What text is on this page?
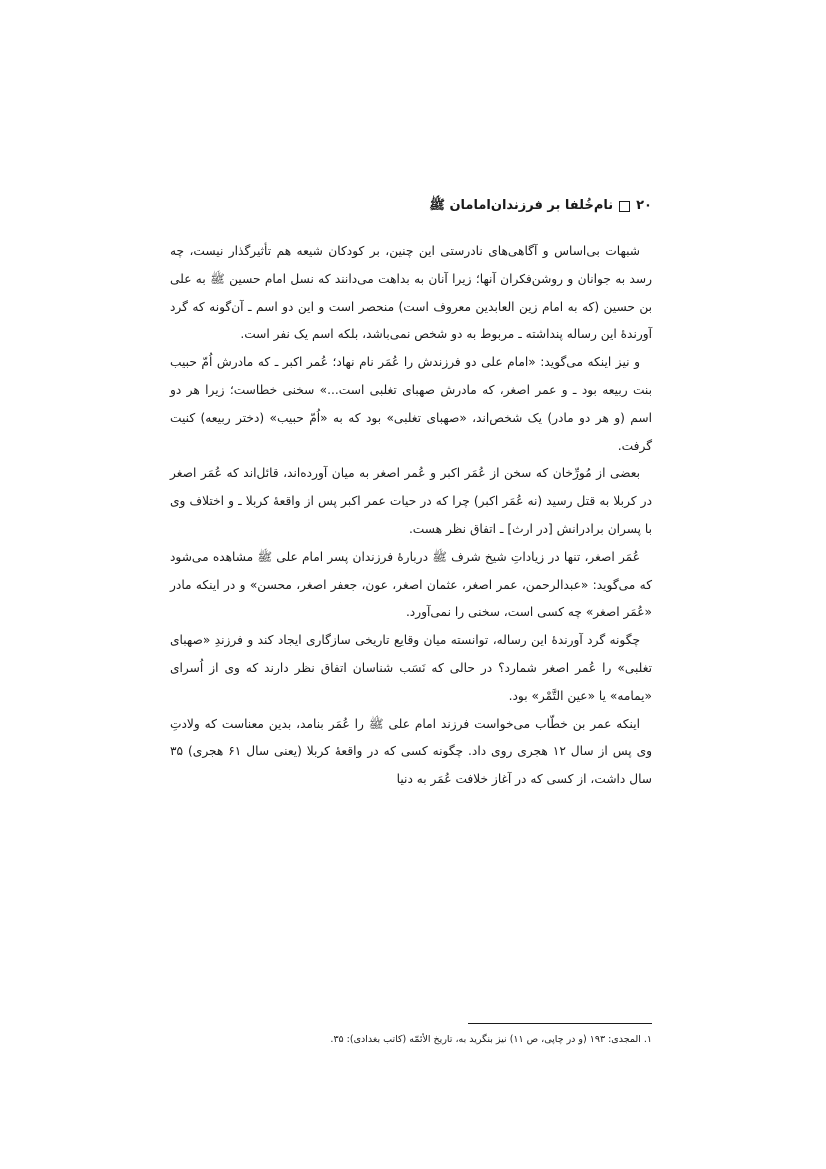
۲۰
نام‌خُلفا بر فرزندان‌امامان ﷺ

شبهات بی‌اساس و آگاهی‌های نادرستی این چنین، بر کودکان شیعه هم تأثیرگذار نیست، چه رسد به جوانان و روشن‌فکران آنها؛ زیرا آنان به بداهت می‌دانند که نسل امام حسین ﷺ به علی بن حسین (که به امام زین العابدین معروف است) منحصر است و این دو اسم ـ آن‌گونه که گرد آورندهٔ این رساله پنداشته ـ مربوط به دو شخص نمی‌باشد، بلکه اسم یک نفر است.

و نیز اینکه می‌گوید: «امام علی دو فرزندش را عُمَر نام نهاد؛ عُمر اکبر ـ که مادرش اُمّ حبیب بنت ربیعه بود ـ و عمر اصغر، که مادرش صهبای تغلبی است...» سخنی خطاست؛ زیرا هر دو اسم (و هر دو مادر) یک شخص‌اند، «صهبای تغلبی» بود که به «اُمّ حبیب» (دختر ربیعه) کنیت گرفت.

بعضی از مُورِّخان که سخن از عُمَر اکبر و عُمر اصغر به میان آورده‌اند، قائل‌اند که عُمَر اصغر در کربلا به قتل رسید (نه عُمَر اکبر) چرا که در حیات عمر اکبر پس از واقعهٔ کربلا ـ و اختلاف وی با پسران برادرانش [در ارث] ـ اتفاق نظر هست.

عُمَر اصغر، تنها در زیاداتِ شیخ شرف ﷺ دربارهٔ فرزندان پسر امام علی ﷺ مشاهده می‌شود که می‌گوید: «عبدالرحمن، عمر اصغر، عثمان اصغر، عون، جعفر اصغر، محسن» و در اینکه مادر «عُمَر اصغر» چه کسی است، سخنی را نمی‌آورد.

چگونه گرد آورندهٔ این رساله، توانسته میان وقایع تاریخی سازگاری ایجاد کند و فرزندِ «صهبای تغلبی» را عُمر اصغر شمارد؟ در حالی که نَسَب شناسان اتفاق نظر دارند که وی از اُسرای «یمامه» یا «عین التَّمْر» بود.

اینکه عمر بن خطّاب می‌خواست فرزند امام علی ﷺ را عُمَر بنامد، بدین معناست که ولادتِ وی پس از سال ۱۲ هجری روی داد. چگونه کسی که در واقعهٔ کربلا (یعنی سال ۶۱ هجری) ۳۵ سال داشت، از کسی که در آغاز خلافت عُمَر به دنیا

۱. المجدی: ۱۹۳ (و در چاپی، ص ۱۱) نیز بنگرید به، تاریخ الأئمّه (کاتب بغدادی): ۳۵.
